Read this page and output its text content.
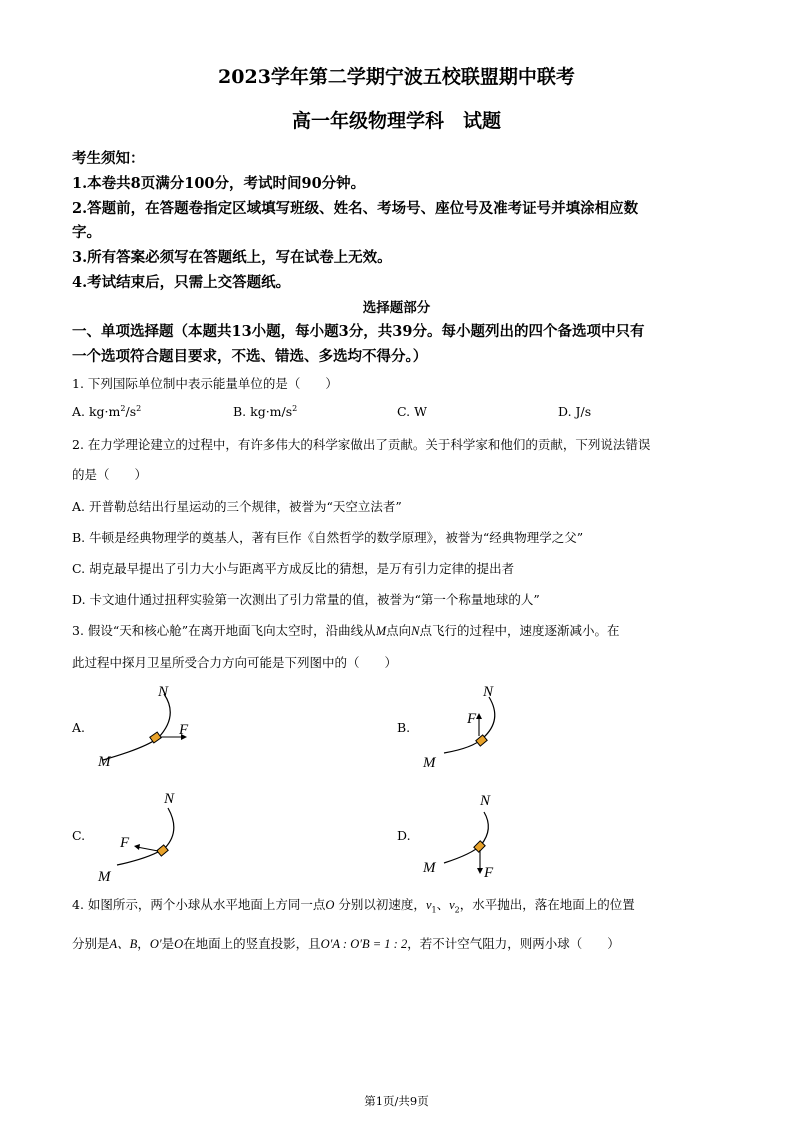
2023学年第二学期宁波五校联盟期中联考
高一年级物理学科　试题
考生须知：
1.本卷共8页满分100分，考试时间90分钟。
2.答题前，在答题卷指定区域填写班级、姓名、考场号、座位号及准考证号并填涂相应数
字。
3.所有答案必须写在答题纸上，写在试卷上无效。
4.考试结束后，只需上交答题纸。
选择题部分
一、单项选择题（本题共13小题，每小题3分，共39分。每小题列出的四个备选项中只有
一个选项符合题目要求，不选、错选、多选均不得分。）
1. 下列国际单位制中表示能量单位的是（　　）
A. $kg\cdot m^2/s^2$	B. $kg\cdot m/s^2$	C. W	D. J/s
2. 在力学理论建立的过程中，有许多伟大的科学家做出了贡献。关于科学家和他们的贡献，下列说法错误
的是（　　）
A. 开普勒总结出行星运动的三个规律，被誉为“天空立法者”
B. 牛顿是经典物理学的奠基人，著有巨作《自然哲学的数学原理》，被誉为“经典物理学之父”
C. 胡克最早提出了引力大小与距离平方成反比的猜想，是万有引力定律的提出者
D. 卡文迪什通过扭秤实验第一次测出了引力常量的值，被誉为“第一个称量地球的人”
3. 假设“天和核心舱”在离开地面飞向太空时，沿曲线从M点向N点飞行的过程中，速度逐渐减小。在
此过程中探月卫星所受合力方向可能是下列图中的（　　）
A.
M
N
F	B.
M
N
F
C.
M
N
F	D.
M
N
F
4. 如图所示，两个小球从水平地面上方同一点O 分别以初速度，$v_1$、$v_2$，水平抛出，落在地面上的位置
分别是A、B，O′是O在地面上的竖直投影，且O′A : O′B = 1 : 2，若不计空气阻力，则两小球（　　）
第1页/共9页
